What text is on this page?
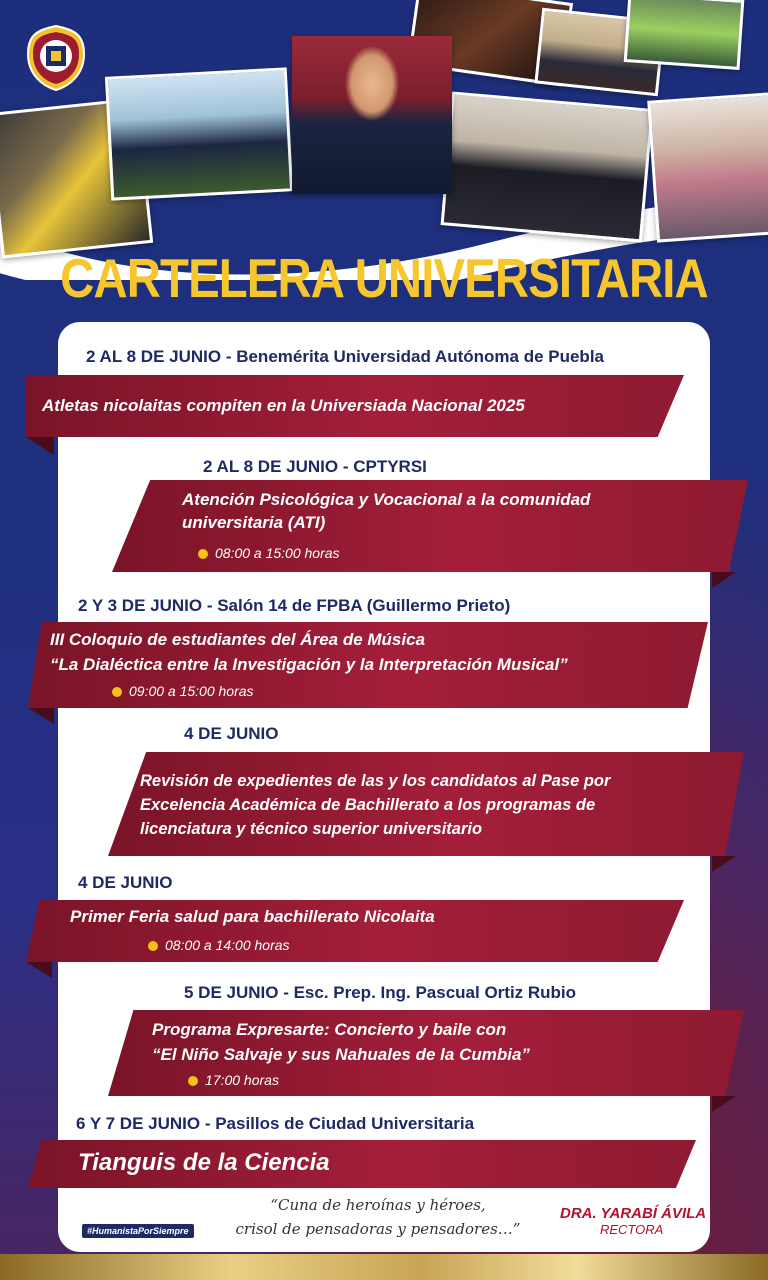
CARTELERA UNIVERSITARIA
2 AL 8 DE JUNIO - Benemérita Universidad Autónoma de Puebla
Atletas nicolaitas compiten en la Universiada Nacional 2025
2 AL 8 DE JUNIO - CPTYRSI
Atención Psicológica y Vocacional a la comunidad
universitaria (ATI)
08:00 a 15:00 horas
2 Y 3 DE JUNIO - Salón 14 de FPBA (Guillermo Prieto)
III Coloquio de estudiantes del Área de Música
“La Dialéctica entre la Investigación y la Interpretación Musical”
09:00 a 15:00 horas
4 DE JUNIO
Revisión de expedientes de las y los candidatos al Pase por
Excelencia Académica de Bachillerato a los programas de
licenciatura y técnico superior universitario
4 DE JUNIO
Primer Feria salud para bachillerato Nicolaita
08:00 a 14:00 horas
5 DE JUNIO - Esc. Prep. Ing. Pascual Ortiz Rubio
Programa Expresarte: Concierto y baile con
“El Niño Salvaje y sus Nahuales de la Cumbia”
17:00 horas
6 Y 7 DE JUNIO - Pasillos de Ciudad Universitaria
Tianguis de la Ciencia
#HumanistaPorSiempre
“Cuna de heroínas y héroes,
crisol de pensadoras y pensadores…”
DRA. YARABÍ ÁVILA
RECTORA
